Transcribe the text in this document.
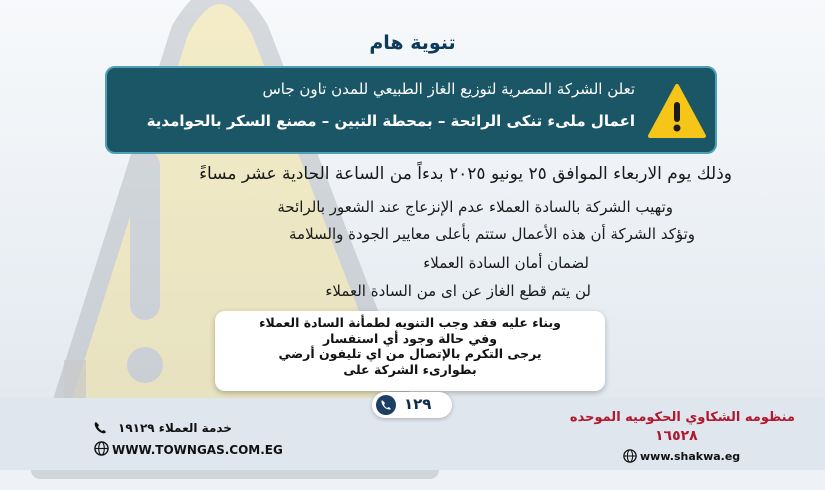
تنوية هام
تعلن الشركة المصرية لتوزيع الغاز الطبيعي للمدن تاون جاس
اعمال ملىء تنكى الرائحة – بمحطة التبين – مصنع السكر بالحوامدية
وذلك يوم الاربعاء الموافق ٢٥ يونيو ٢٠٢٥ بدءاً من الساعة الحادية عشر مساءً
وتهيب الشركة بالسادة العملاء عدم الإنزعاج عند الشعور بالرائحة
وتؤكد الشركة أن هذه الأعمال ستتم بأعلى معايير الجودة والسلامة
لضمان أمان السادة العملاء
لن يتم قطع الغاز عن اى من السادة العملاء
وبناء عليه فقد وجب التنويه لطمأنة السادة العملاء
وفي حالة وجود أي استفسار
يرجى التكرم بالإتصال من اي تليفون أرضي
بطوارىء الشركة على
١٢٩
خدمة العملاء ١٩١٢٩
WWW.TOWNGAS.COM.EG
منظومه الشكاوي الحكوميه الموحده
١٦٥٢٨
www.shakwa.eg
